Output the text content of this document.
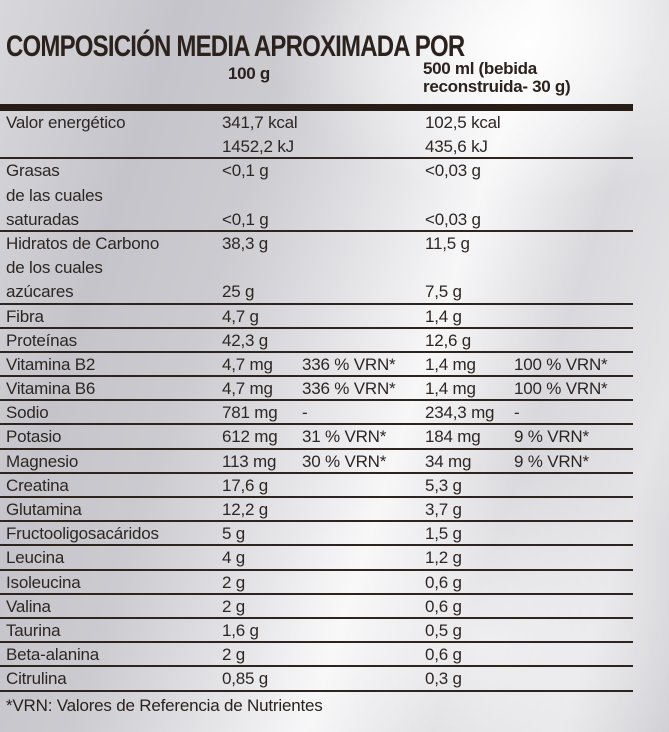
COMPOSICIÓN MEDIA APROXIMADA POR
100 g	500 ml (bebida
reconstruida- 30 g)
Valor energético	341,7 kcal	102,5 kcal
1452,2 kJ	435,6 kJ
Grasas	<0,1 g	<0,03 g
de las cuales
saturadas	<0,1 g	<0,03 g
Hidratos de Carbono	38,3 g	11,5 g
de los cuales
azúcares	25 g	7,5 g
Fibra	4,7 g	1,4 g
Proteínas	42,3 g	12,6 g
Vitamina B2	4,7 mg	336 % VRN*	1,4 mg	100 % VRN*
Vitamina B6	4,7 mg	336 % VRN*	1,4 mg	100 % VRN*
Sodio	781 mg	-	234,3 mg	-
Potasio	612 mg	31 % VRN*	184 mg	9 % VRN*
Magnesio	113 mg	30 % VRN*	34 mg	9 % VRN*
Creatina	17,6 g	5,3 g
Glutamina	12,2 g	3,7 g
Fructooligosacáridos	5 g	1,5 g
Leucina	4 g	1,2 g
Isoleucina	2 g	0,6 g
Valina	2 g	0,6 g
Taurina	1,6 g	0,5 g
Beta-alanina	2 g	0,6 g
Citrulina	0,85 g	0,3 g
*VRN: Valores de Referencia de Nutrientes
